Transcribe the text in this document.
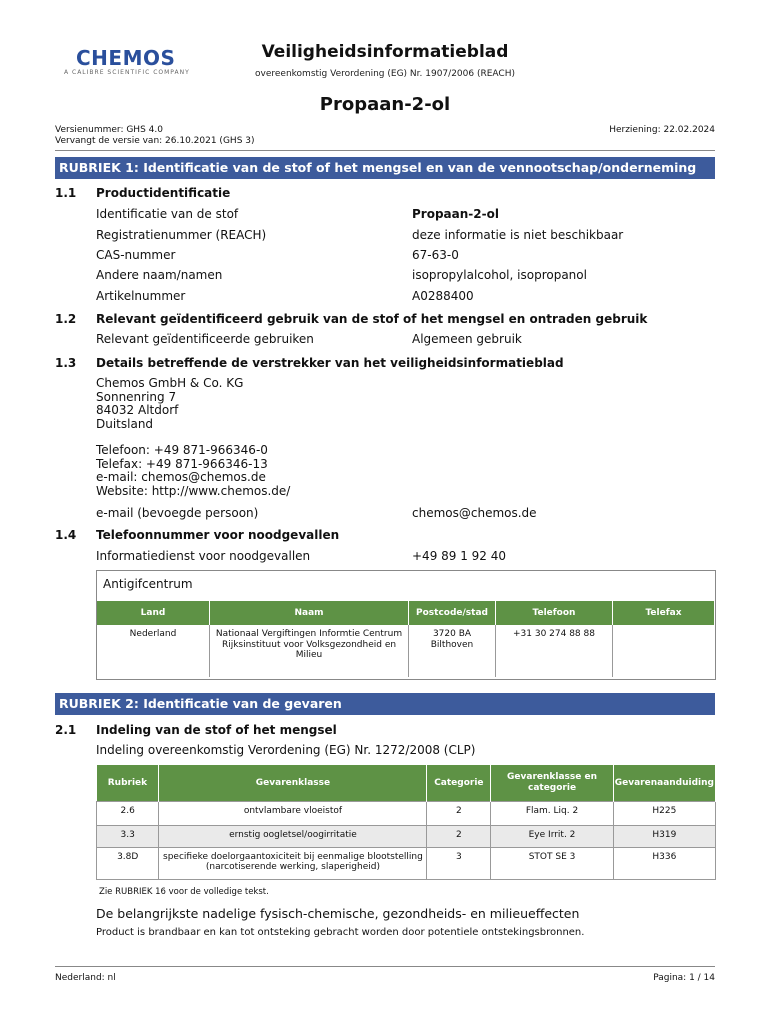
CHEMOS
A CALIBRE SCIENTIFIC COMPANY
Veiligheidsinformatieblad
overeenkomstig Verordening (EG) Nr. 1907/2006 (REACH)
Propaan-2-ol
Versienummer: GHS 4.0
Vervangt de versie van: 26.10.2021 (GHS 3)
Herziening: 22.02.2024
RUBRIEK 1: Identificatie van de stof of het mengsel en van de vennootschap/onderneming
1.1 Productidentificatie
Identificatie van de stof	Propaan-2-ol
Registratienummer (REACH)	deze informatie is niet beschikbaar
CAS-nummer	67-63-0
Andere naam/namen	isopropylalcohol, isopropanol
Artikelnummer	A0288400
1.2 Relevant geïdentificeerd gebruik van de stof of het mengsel en ontraden gebruik
Relevant geïdentificeerde gebruiken	Algemeen gebruik
1.3 Details betreffende de verstrekker van het veiligheidsinformatieblad
Chemos GmbH & Co. KG
Sonnenring 7
84032 Altdorf
Duitsland
Telefoon: +49 871-966346-0
Telefax: +49 871-966346-13
e-mail: chemos@chemos.de
Website: http://www.chemos.de/
e-mail (bevoegde persoon)	chemos@chemos.de
1.4 Telefoonnummer voor noodgevallen
Informatiedienst voor noodgevallen	+49 89 1 92 40
Antigifcentrum
Land	Naam	Postcode/stad	Telefoon	Telefax
Nederland	Nationaal Vergiftingen Informtie Centrum Rijksinstituut voor Volksgezondheid en Milieu	3720 BA Bilthoven	+31 30 274 88 88	
RUBRIEK 2: Identificatie van de gevaren
2.1 Indeling van de stof of het mengsel
Indeling overeenkomstig Verordening (EG) Nr. 1272/2008 (CLP)
Rubriek	Gevarenklasse	Categorie	Gevarenklasse en categorie	Gevarenaanduiding
2.6	ontvlambare vloeistof	2	Flam. Liq. 2	H225
3.3	ernstig oogletsel/oogirritatie	2	Eye Irrit. 2	H319
3.8D	specifieke doelorgaantoxiciteit bij eenmalige blootstelling (narcotiserende werking, slaperigheid)	3	STOT SE 3	H336
Zie RUBRIEK 16 voor de volledige tekst.
De belangrijkste nadelige fysisch-chemische, gezondheids- en milieueffecten
Product is brandbaar en kan tot ontsteking gebracht worden door potentiele ontstekingsbronnen.
Nederland: nl	Pagina: 1 / 14
